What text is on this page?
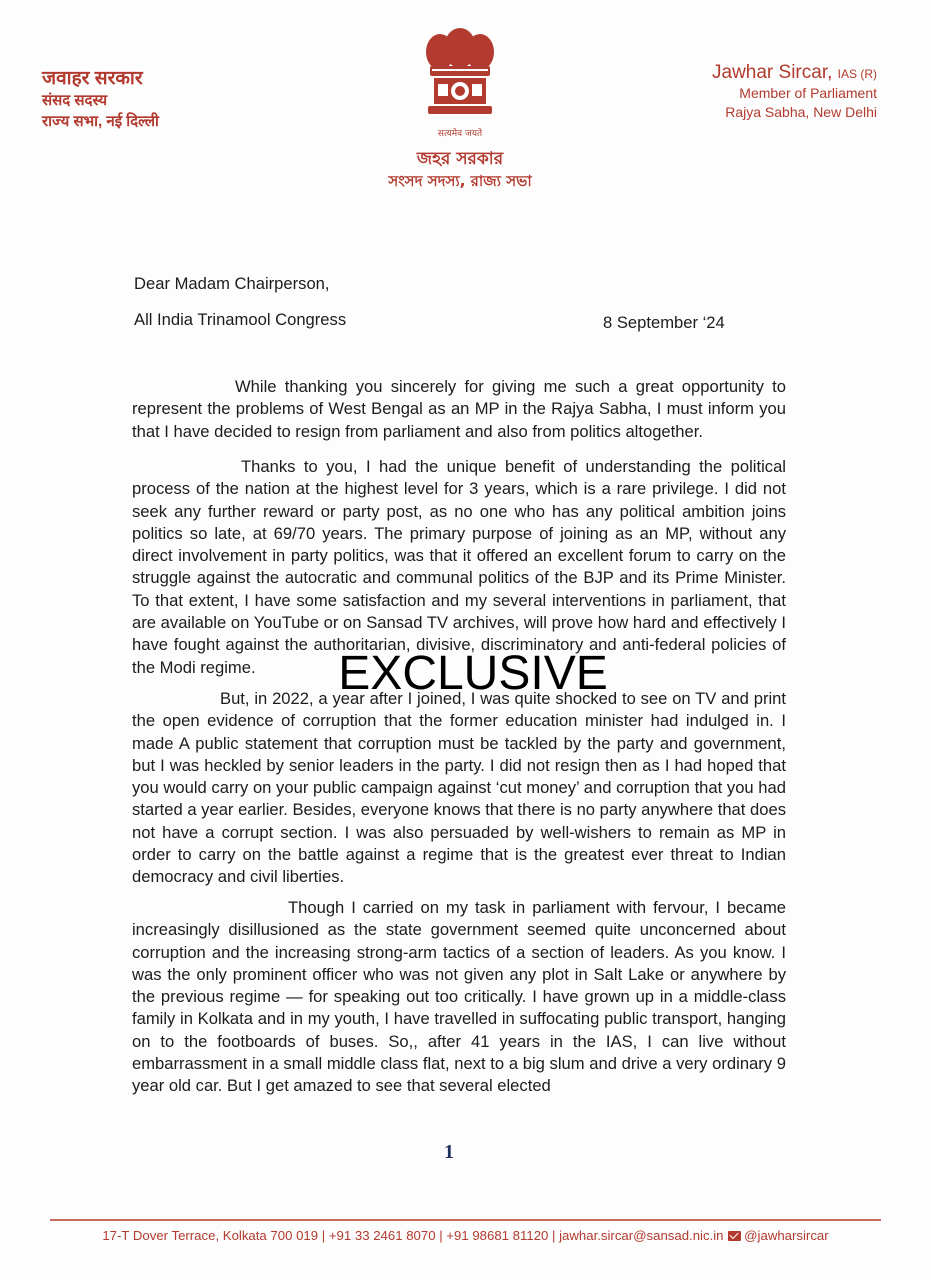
जवाहर सरकार
संसद सदस्य
राज्य सभा, नई दिल्ली
सत्यमेव जयते
জহর সরকার
সংসদ সদস্য, রাজ্য সভা
Jawhar Sircar, IAS (R)
Member of Parliament
Rajya Sabha, New Delhi
Dear Madam Chairperson,
All India Trinamool Congress	8 September ‘24

While thanking you sincerely for giving me such a great opportunity to represent the problems of West Bengal as an MP in the Rajya Sabha, I must inform you that I have decided to resign from parliament and also from politics altogether.

Thanks to you, I had the unique benefit of understanding the political process of the nation at the highest level for 3 years, which is a rare privilege. I did not seek any further reward or party post, as no one who has any political ambition joins politics so late, at 69/70 years. The primary purpose of joining as an MP, without any direct involvement in party politics, was that it offered an excellent forum to carry on the struggle against the autocratic and communal politics of the BJP and its Prime Minister. To that extent, I have some satisfaction and my several interventions in parliament, that are available on YouTube or on Sansad TV archives, will prove how hard and effectively I have fought against the authoritarian, divisive, discriminatory and anti-federal policies of the Modi regime.

But, in 2022, a year after I joined, I was quite shocked to see on TV and print the open evidence of corruption that the former education minister had indulged in. I made A public statement that corruption must be tackled by the party and government, but I was heckled by senior leaders in the party. I did not resign then as I had hoped that you would carry on your public campaign against ‘cut money’ and corruption that you had started a year earlier. Besides, everyone knows that there is no party anywhere that does not have a corrupt section. I was also persuaded by well-wishers to remain as MP in order to carry on the battle against a regime that is the greatest ever threat to Indian democracy and civil liberties.

Though I carried on my task in parliament with fervour, I became increasingly disillusioned as the state government seemed quite unconcerned about corruption and the increasing strong-arm tactics of a section of leaders. As you know. I was the only prominent officer who was not given any plot in Salt Lake or anywhere by the previous regime — for speaking out too critically. I have grown up in a middle-class family in Kolkata and in my youth, I have travelled in suffocating public transport, hanging on to the footboards of buses. So,, after 41 years in the IAS, I can live without embarrassment in a small middle class flat, next to a big slum and drive a very ordinary 9 year old car. But I get amazed to see that several elected

EXCLUSIVE
1
17-T Dover Terrace, Kolkata 700 019 | +91 33 2461 8070 | +91 98681 81120 | jawhar.sircar@sansad.nic.in @jawharsircar
